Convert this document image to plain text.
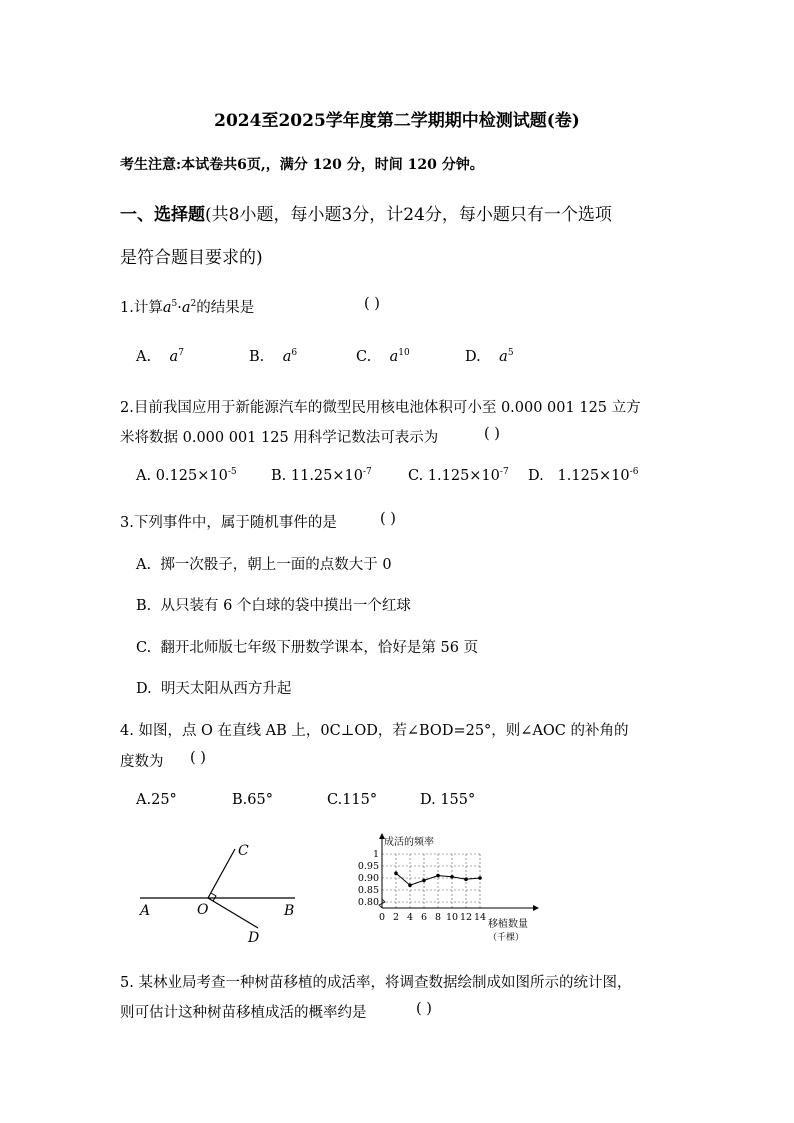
2024至2025学年度第二学期期中检测试题(卷)
考生注意:本试卷共6页,，满分 120 分，时间 120 分钟。
一、选择题(共8小题，每小题3分，计24分，每小题只有一个选项
是符合题目要求的)
1.计算$a^5\cdot a^2$的结果是	( )
A. $a^7$	B. $a^6$	C. $a^{10}$	D. $a^5$
2.目前我国应用于新能源汽车的微型民用核电池体积可小至 0.000 001 125 立方
米将数据 0.000 001 125 用科学记数法可表示为	( )
A. $0.125\times 10^{-5}$ B. $11.25\times 10^{-7}$ C. $1.125\times 10^{-7}$ D. $1.125\times 10^{-6}$
3.下列事件中，属于随机事件的是	( )
A. 掷一次骰子，朝上一面的点数大于 0
B. 从只装有 6 个白球的袋中摸出一个红球
C. 翻开北师版七年级下册数学课本，恰好是第 56 页
D. 明天太阳从西方升起
4. 如图，点 O 在直线 AB 上，0C⊥OD，若∠BOD=25°，则∠AOC 的补角的
度数为 ( )
A.25°	B.65°	C.115°	D. 155°
A	O	B
C
D
0 2 4 6 8 10 12 14
1
0.95
0.90
0.85
0.80
成活的频率
移植数量
（千棵）
5. 某林业局考查一种树苗移植的成活率，将调查数据绘制成如图所示的统计图，
则可估计这种树苗移植成活的概率约是	( )
